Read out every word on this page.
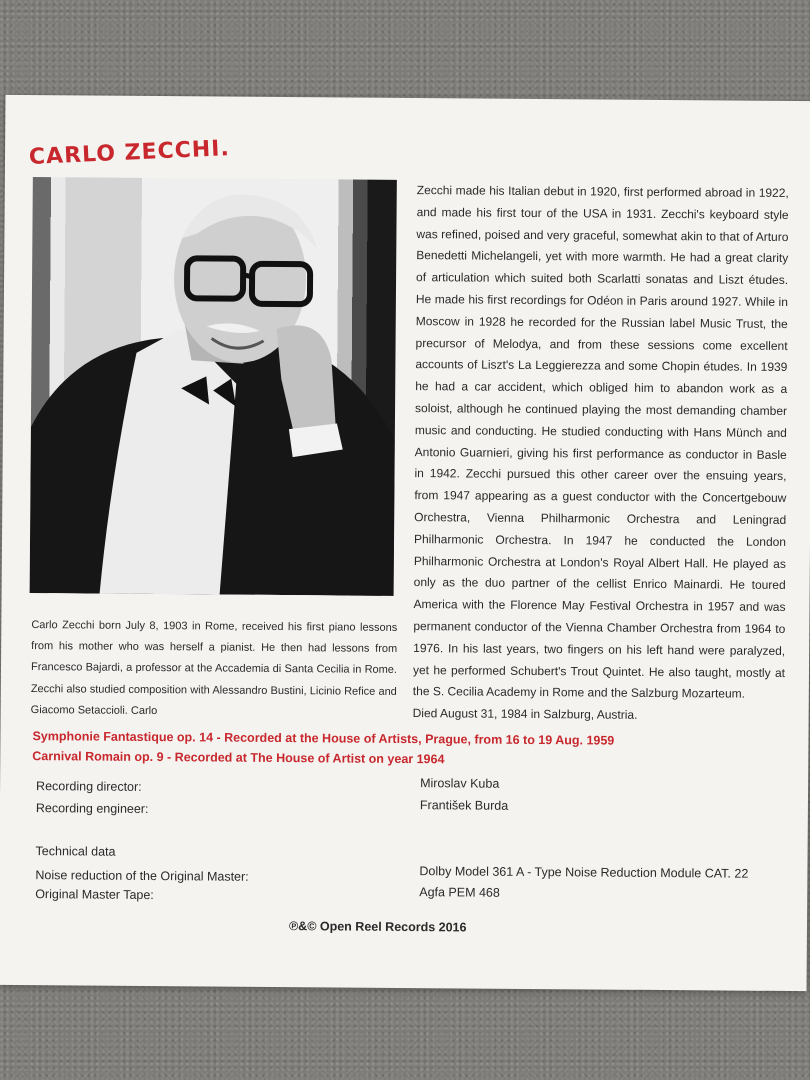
CARLO ZECCHI.

Zecchi made his Italian debut in 1920, first performed abroad in 1922, and made his first tour of the USA in 1931. Zecchi's keyboard style was refined, poised and very graceful, somewhat akin to that of Arturo Benedetti Michelangeli, yet with more warmth. He had a great clarity of articulation which suited both Scarlatti sonatas and Liszt études. He made his first recordings for Odéon in Paris around 1927. While in Moscow in 1928 he recorded for the Russian label Music Trust, the precursor of Melodya, and from these sessions come excellent accounts of Liszt's La Leggierezza and some Chopin études. In 1939 he had a car accident, which obliged him to abandon work as a soloist, although he continued playing the most demanding chamber music and conducting. He studied conducting with Hans Münch and Antonio Guarnieri, giving his first performance as conductor in Basle in 1942. Zecchi pursued this other career over the ensuing years, from 1947 appearing as a guest conductor with the Concertgebouw Orchestra, Vienna Philharmonic Orchestra and Leningrad Philharmonic Orchestra. In 1947 he conducted the London Philharmonic Orchestra at London's Royal Albert Hall. He played as only as the duo partner of the cellist Enrico Mainardi. He toured America with the Florence May Festival Orchestra in 1957 and was permanent conductor of the Vienna Chamber Orchestra from 1964 to 1976. In his last years, two fingers on his left hand were paralyzed, yet he performed Schubert's Trout Quintet. He also taught, mostly at the S. Cecilia Academy in Rome and the Salzburg Mozarteum.
Died August 31, 1984 in Salzburg, Austria.

Carlo Zecchi born July 8, 1903 in Rome, received his first piano lessons from his mother who was herself a pianist. He then had lessons from Francesco Bajardi, a professor at the Accademia di Santa Cecilia in Rome. Zecchi also studied composition with Alessandro Bustini, Licinio Refice and Giacomo Setaccioli. Carlo

Symphonie Fantastique op. 14 - Recorded at the House of Artists, Prague, from 16 to 19 Aug. 1959
Carnival Romain op. 9 - Recorded at The House of Artist on year 1964
Recording director:	Miroslav Kuba
Recording engineer:	František Burda
Technical data
Noise reduction of the Original Master:	Dolby Model 361 A - Type Noise Reduction Module CAT. 22
Original Master Tape:	Agfa PEM 468
℗&© Open Reel Records 2016
